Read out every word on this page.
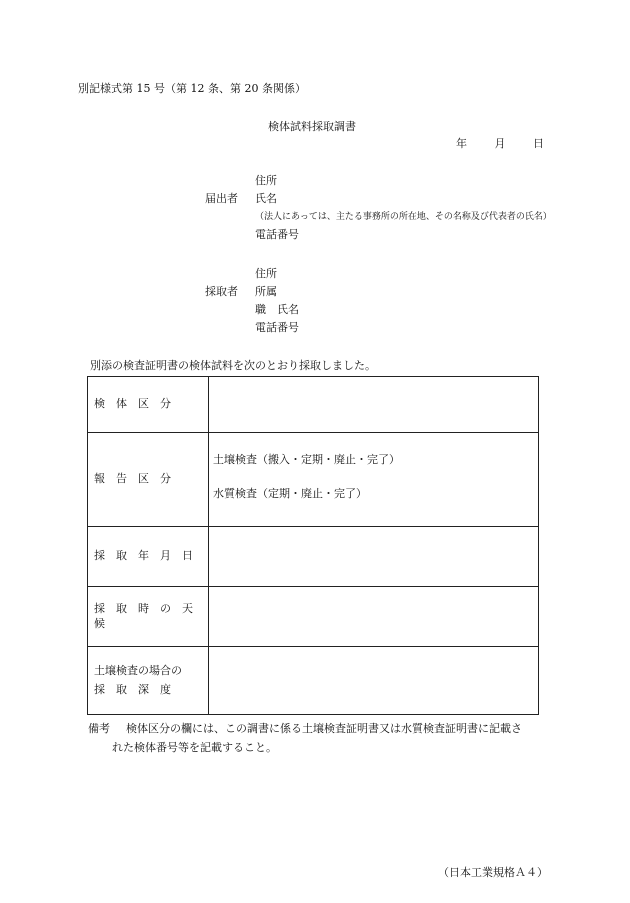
別記様式第 15 号（第 12 条、第 20 条関係）
検体試料採取調書
年	月	日
住所
届出者 氏名
（法人にあっては、主たる事務所の所在地、その名称及び代表者の氏名）
電話番号
住所
採取者 所属
職　氏名
電話番号
別添の検査証明書の検体試料を次のとおり採取しました。
検　体　区　分	
報　告　区　分	土壌検査（搬入・定期・廃止・完了）
水質検査（定期・廃止・完了）

採　取　年　月　日	
採　取　時　の　天　候	

土壌検査の場合の
採　取　深　度	

備考 検体区分の欄には、この調書に係る土壌検査証明書又は水質検査証明書に記載さ
れた検体番号等を記載すること。
（日本工業規格Ａ４）
